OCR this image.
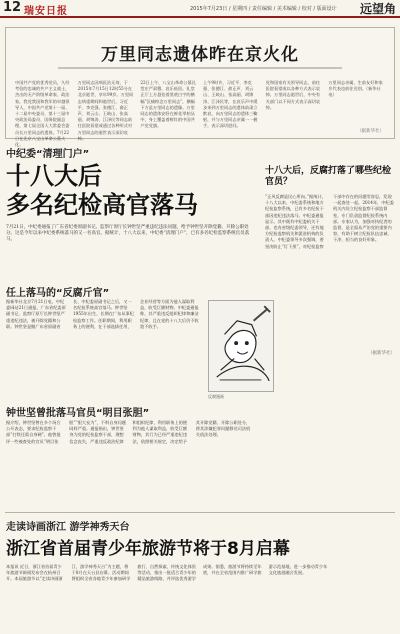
12 瑞安日报	2015年7月23日 / 星期四 / 责任编辑 / 美术编辑 / 校对 / 版面设计 远望角
万里同志遗体昨在京火化
中国共产党的优秀党员，久经考验的忠诚的共产主义战士，杰出的无产阶级革命家、政治家，我党我国和我军的卓越领导人，中国共产党第十一届、十二届中央委员，第十三届中央政治局委员、国务院副总理，第七届全国人大常委会委员长万里同志的遗体，7月22日在北京八宝山革命公墓火化。
万里同志因病医治无效，于2015年7月15日12时55分在北京逝世，享年99岁。万里同志病重期间和逝世后，习近平、李克强、张德江、俞正声、刘云山、王岐山、张高丽、胡锦涛、江泽民等同志前往医院看望或通过各种形式对万里同志的逝世表示深切哀悼。
22日上午，八宝山革命公墓礼堂庄严肃穆，哀乐低回。礼堂正厅上方悬挂着黑底白字的横幅“沉痛悼念万里同志”，横幅下方是万里同志的遗像。万里同志的遗体安卧在鲜花翠柏丛中，身上覆盖着鲜红的中国共产党党旗。
上午9时许，习近平、李克强、张德江、俞正声、刘云山、王岐山、张高丽、胡锦涛、江泽民等，在哀乐声中缓步来到万里同志的遗体前肃立默哀，向万里同志的遗体三鞠躬，并与万里同志亲属一一握手，表示深切慰问。
党和国家有关领导同志，前往医院看望或以各种方式表示哀悼。万里同志逝世后，中央有关部门以不同方式表示深切哀悼。
万里同志亲属，生前友好和家乡代表也前往送别。（新华社电）
（据新华社）
中纪委“清理门户”
十八大后
多名纪检高官落马
7月21日，中纪委通报了广东省纪委原副书记、监察厅原厅长钟世坚严重违纪违法问题，给予钟世坚开除党籍、开除公职处分。这是今年以来中纪委系统落马的又一名高官。据统计，十八大以来，中纪委“清理门户”，已有多名纪检监察系统官员落马。
十八大后，反腐打落了哪些纪检官员？
“正风反腐是民心所向。”据统计，十八大以来，中纪委系统和地方纪检监察系统，已有多名纪检干部因违纪违法落马。中纪委通报显示，其中既有中纪委机关干部，也有省级纪委领导，还有地方纪检监察机关和派驻机构的负责人。中纪委领导多次强调，要坚决防止“灯下黑”，对纪检监察干部中存在的问题零容忍，发现一起查处一起。2014年，中纪委机关内设立纪检监察干部监督室，专门负责监督纪检系统内部。专家认为，加强对执纪者的监督，是全面从严治党的重要内容，有助于树立纪检队伍忠诚、干净、担当的良好形象。
（据新华社）
任上落马的“反腐斤官”
据新华社北京7月21日电，中纪委网站21日通报，广东省纪委原副书记、监察厅原厅长钟世坚严重违纪违法，被开除党籍和公职。钟世坚是继广东省原副省长、中纪委原副书记之后，又一名纪检系统高官落马。钟世坚1955年出生，长期在广东从事纪检监察工作。任职期间，利用职务上的便利，在干部选拔任用、企业经营等方面为他人谋取利益，收受巨额财物。中纪委通报称，其严重违反组织纪律和廉洁纪律，且在党的十八大后仍不收敛不收手。
反腐漫画
钟世坚曾批落马官员“明目张胆”
据介绍，钟世坚曾在多个场合公开表态，要求纪检监察干部“打铁还需自身硬”。他曾批评一些被查处的官员“明目张胆”“胆大妄为”，不料自身问题同样严重。通报指出，钟世坚身为党的纪检监察干部，理想信念丧失，严重违反政治纪律和组织纪律，利用职务上的便利为他人谋取利益，收受巨额财物，其行为已经严重违纪违法，依照相关规定，决定给予其开除党籍、开除公职处分，将其涉嫌犯罪问题移送司法机关依法处理。
走读诗画浙江 游学神秀天台
浙江省首届青少年旅游节将于8月启幕
本报讯 近日，浙江省首届青少年旅游节新闻发布会在杭州召开。本届旅游节以“走读诗画浙江，游学神秀天台”为主题，将于8月在天台县启幕。活动期间将组织全省各地青少年参加研学旅行、自然探索、传统文化体验等活动，推出一批适合青少年的精品旅游线路，并评选优秀游学成果。据悉，旅游节将持续至年底，并在全省范围内推广研学旅游示范基地，进一步推动青少年文化旅游融合发展。
